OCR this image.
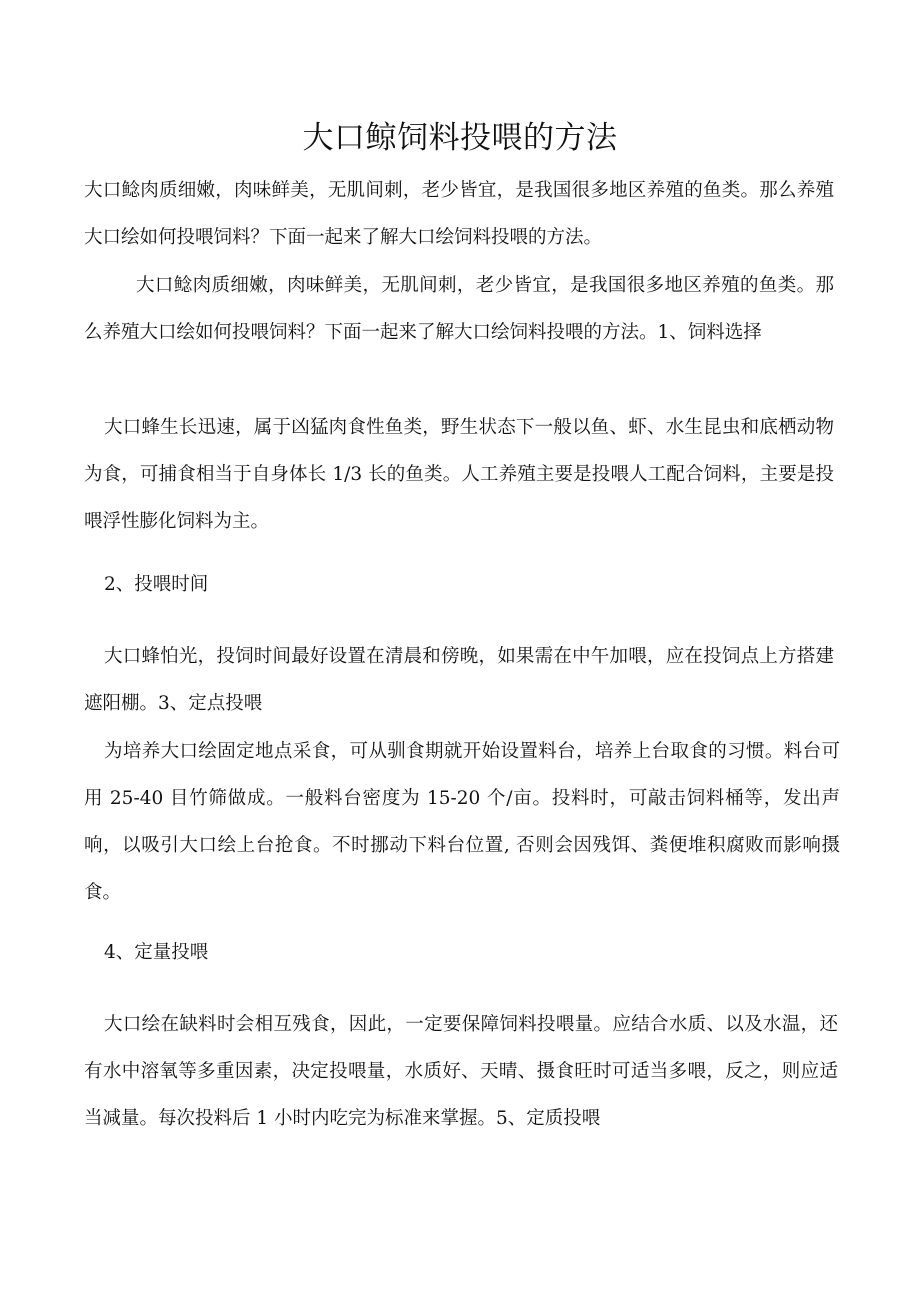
大口鲸饲料投喂的方法

大口鲶肉质细嫩，肉味鲜美，无肌间刺，老少皆宜，是我国很多地区养殖的鱼类。那么养殖大口绘如何投喂饲料？下面一起来了解大口绘饲料投喂的方法。

大口鲶肉质细嫩，肉味鲜美，无肌间刺，老少皆宜，是我国很多地区养殖的鱼类。那么养殖大口绘如何投喂饲料？下面一起来了解大口绘饲料投喂的方法。1、饲料选择

大口蜂生长迅速，属于凶猛肉食性鱼类，野生状态下一般以鱼、虾、水生昆虫和底栖动物为食，可捕食相当于自身体长 1/3 长的鱼类。人工养殖主要是投喂人工配合饲料，主要是投喂浮性膨化饲料为主。

2、投喂时间

大口蜂怕光，投饲时间最好设置在清晨和傍晚，如果需在中午加喂，应在投饲点上方搭建遮阳棚。3、定点投喂

为培养大口绘固定地点采食，可从驯食期就开始设置料台，培养上台取食的习惯。料台可用 25-40 目竹筛做成。一般料台密度为 15-20 个/亩。投料时，可敲击饲料桶等，发出声响，以吸引大口绘上台抢食。不时挪动下料台位置, 否则会因残饵、粪便堆积腐败而影响摄食。

4、定量投喂

大口绘在缺料时会相互残食，因此，一定要保障饲料投喂量。应结合水质、以及水温，还有水中溶氧等多重因素，决定投喂量，水质好、天晴、摄食旺时可适当多喂，反之，则应适当减量。每次投料后 1 小时内吃完为标准来掌握。5、定质投喂
